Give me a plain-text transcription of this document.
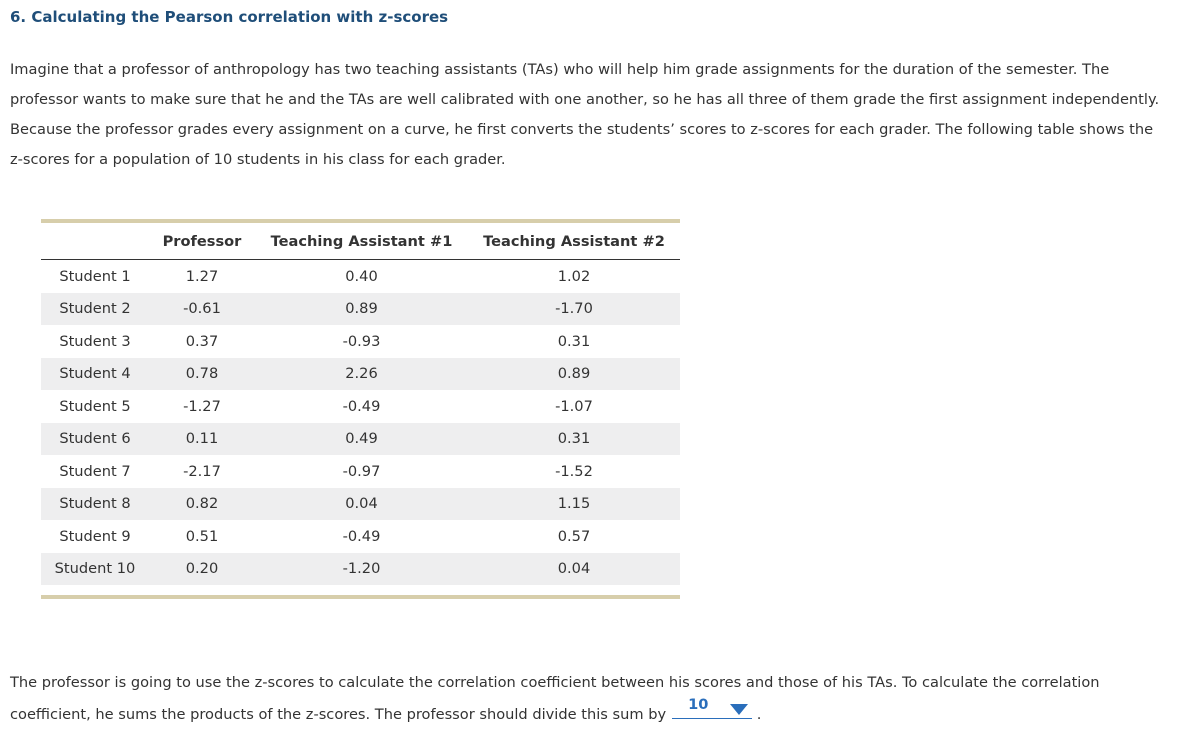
6. Calculating the Pearson correlation with z-scores

Imagine that a professor of anthropology has two teaching assistants (TAs) who will help him grade assignments for the duration of the semester. The professor wants to make sure that he and the TAs are well calibrated with one another, so he has all three of them grade the first assignment independently. Because the professor grades every assignment on a curve, he first converts the students’ scores to z-scores for each grader. The following table shows the z-scores for a population of 10 students in his class for each grader.

	Professor	Teaching Assistant #1	Teaching Assistant #2
Student 1	1.27	0.40	1.02
Student 2	-0.61	0.89	-1.70
Student 3	0.37	-0.93	0.31
Student 4	0.78	2.26	0.89
Student 5	-1.27	-0.49	-1.07
Student 6	0.11	0.49	0.31
Student 7	-2.17	-0.97	-1.52
Student 8	0.82	0.04	1.15
Student 9	0.51	-0.49	0.57
Student 10	0.20	-1.20	0.04

The professor is going to use the z-scores to calculate the correlation coefficient between his scores and those of his TAs. To calculate the correlation coefficient, he sums the products of the z-scores. The professor should divide this sum by
10
.
